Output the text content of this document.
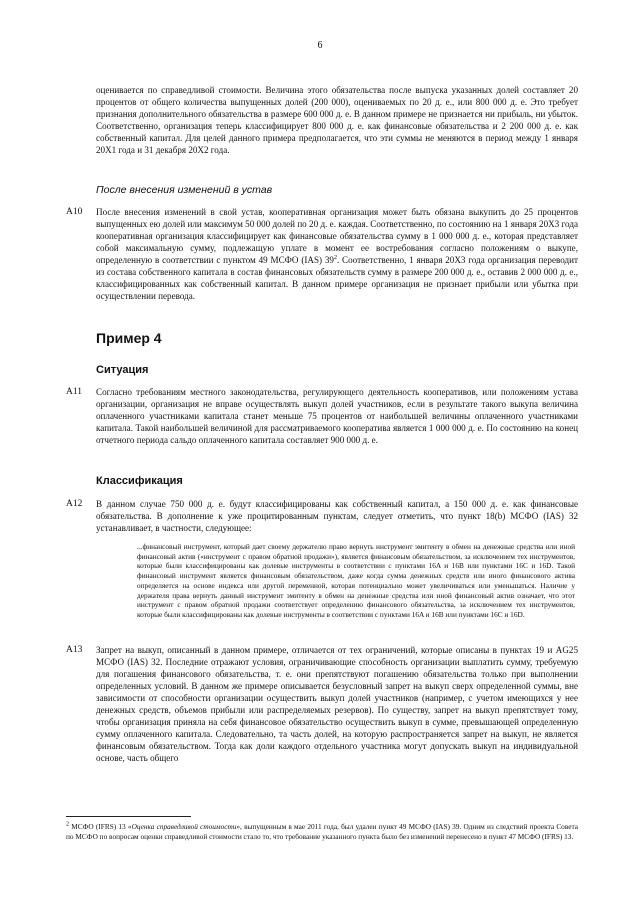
6

оценивается по справедливой стоимости. Величина этого обязательства после выпуска указанных долей составляет 20 процентов от общего количества выпущенных долей (200 000), оцениваемых по 20 д. е., или 800 000 д. е. Это требует признания дополнительного обязательства в размере 600 000 д. е. В данном примере не признается ни прибыль, ни убыток. Соответственно, организация теперь классифицирует 800 000 д. е. как финансовые обязательства и 2 200 000 д. е. как собственный капитал. Для целей данного примера предполагается, что эти суммы не меняются в период между 1 января 20X1 года и 31 декабря 20X2 года.

После внесения изменений в устав
A10 После внесения изменений в свой устав, кооперативная организация может быть обязана выкупить до 25 процентов выпущенных ею долей или максимум 50 000 долей по 20 д. е. каждая. Соответственно, по состоянию на 1 января 20X3 года кооперативная организация классифицирует как финансовые обязательства сумму в 1 000 000 д. е., которая представляет собой максимальную сумму, подлежащую уплате в момент ее востребования согласно положениям о выкупе, определенную в соответствии с пунктом 49 МСФО (IAS) $39^2$. Соответственно, 1 января 20X3 года организация переводит из состава собственного капитала в состав финансовых обязательств сумму в размере 200 000 д. е., оставив 2 000 000 д. е., классифицированных как собственный капитал. В данном примере организация не признает прибыли или убытка при осуществлении перевода.

Пример 4
Ситуация
A11 Согласно требованиям местного законодательства, регулирующего деятельность кооперативов, или положениям устава организации, организация не вправе осуществлять выкуп долей участников, если в результате такого выкупа величина оплаченного участниками капитала станет меньше 75 процентов от наибольшей величины оплаченного участниками капитала. Такой наибольшей величиной для рассматриваемого кооператива является 1 000 000 д. е. По состоянию на конец отчетного периода сальдо оплаченного капитала составляет 900 000 д. е.

Классификация
A12 В данном случае 750 000 д. е. будут классифицированы как собственный капитал, а 150 000 д. е. как финансовые обязательства. В дополнение к уже процитированным пунктам, следует отметить, что пункт 18(b) МСФО (IAS) 32 устанавливает, в частности, следующее:

...финансовый инструмент, который дает своему держателю право вернуть инструмент эмитенту в обмен на денежные средства или иной финансовый актив («инструмент с правом обратной продажи»), является финансовым обязательством, за исключением тех инструментов, которые были классифицированы как долевые инструменты в соответствии с пунктами 16A и 16B или пунктами 16C и 16D. Такой финансовый инструмент является финансовым обязательством, даже когда сумма денежных средств или иного финансового актива определяется на основе индекса или другой переменной, которая потенциально может увеличиваться или уменьшаться. Наличие у держателя права вернуть данный инструмент эмитенту в обмен на денежные средства или иной финансовый актив означает, что этот инструмент с правом обратной продажи соответствует определению финансового обязательства, за исключением тех инструментов, которые были классифицированы как долевые инструменты в соответствии с пунктами 16A и 16B или пунктами 16C и 16D.

A13 Запрет на выкуп, описанный в данном примере, отличается от тех ограничений, которые описаны в пунктах 19 и AG25 МСФО (IAS) 32. Последние отражают условия, ограничивающие способность организации выплатить сумму, требуемую для погашения финансового обязательства, т. е. они препятствуют погашению обязательства только при выполнении определенных условий. В данном же примере описывается безусловный запрет на выкуп сверх определенной суммы, вне зависимости от способности организации осуществить выкуп долей участников (например, с учетом имеющихся у нее денежных средств, объемов прибыли или распределяемых резервов). По существу, запрет на выкуп препятствует тому, чтобы организация приняла на себя финансовое обязательство осуществить выкуп в сумме, превышающей определенную сумму оплаченного капитала. Следовательно, та часть долей, на которую распространяется запрет на выкуп, не является финансовым обязательством. Тогда как доли каждого отдельного участника могут допускать выкуп на индивидуальной основе, часть общего

$^2$ МСФО (IFRS) 13 «Оценка справедливой стоимости», выпущенным в мае 2011 года, был удален пункт 49 МСФО (IAS) 39. Одним из следствий проекта Совета по МСФО по вопросам оценки справедливой стоимости стало то, что требование указанного пункта было без изменений перенесено в пункт 47 МСФО (IFRS) 13.
